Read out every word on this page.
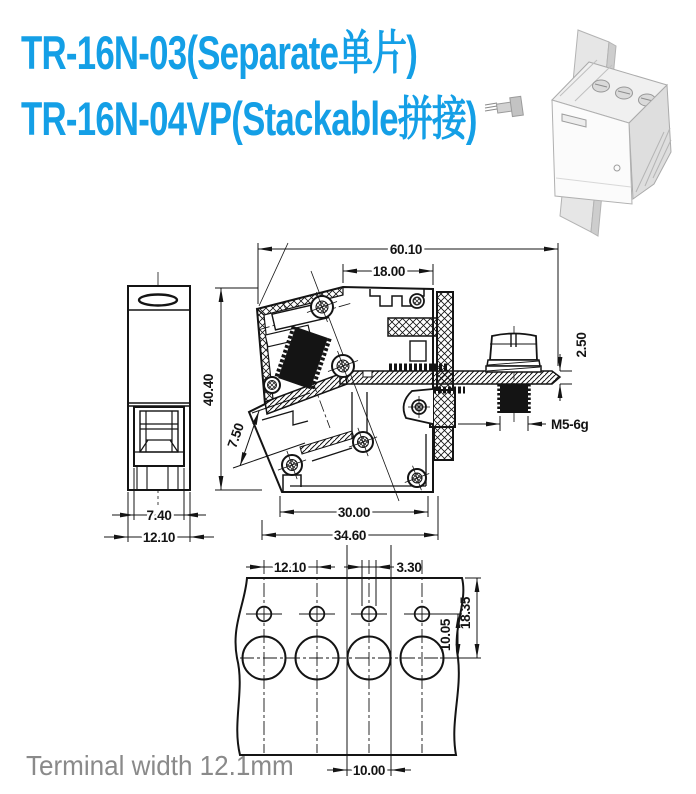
TR-16N-03(Separate单片)
TR-16N-04VP(Stackable拼接)
60.10
18.00
2.50
40.40
7.50	M5-6g
30.00
34.60
7.40
12.10
12.10	3.30
18.35
10.05
10.00
Terminal width 12.1mm
